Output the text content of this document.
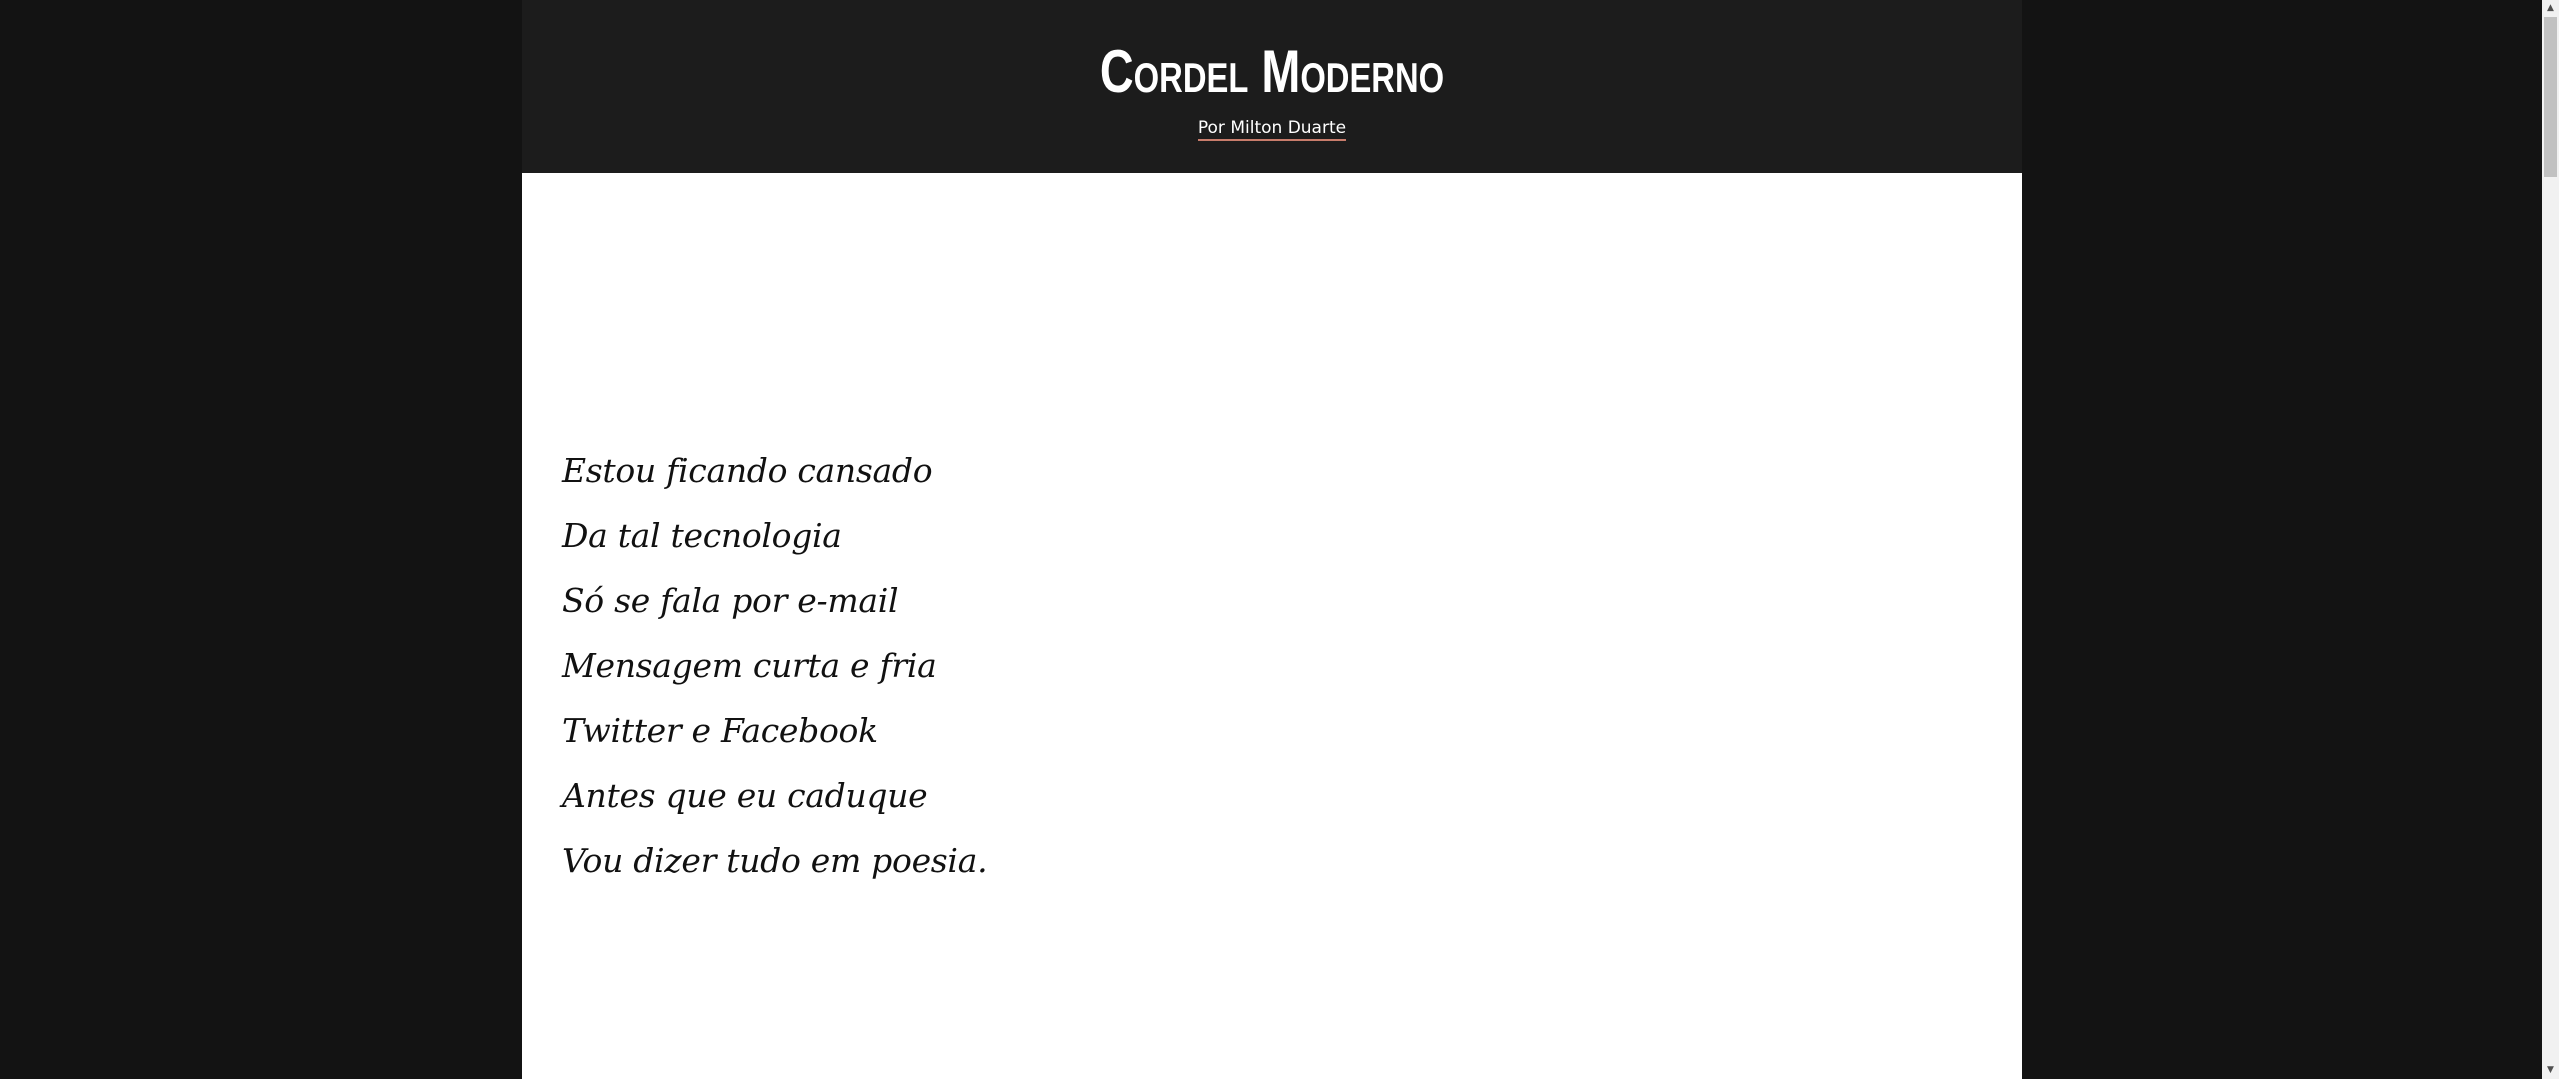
Cordel Moderno
Por Milton Duarte
Estou ficando cansado
Da tal tecnologia
Só se fala por e-mail
Mensagem curta e fria
Twitter e Facebook
Antes que eu caduque
Vou dizer tudo em poesia.
▲
▼
